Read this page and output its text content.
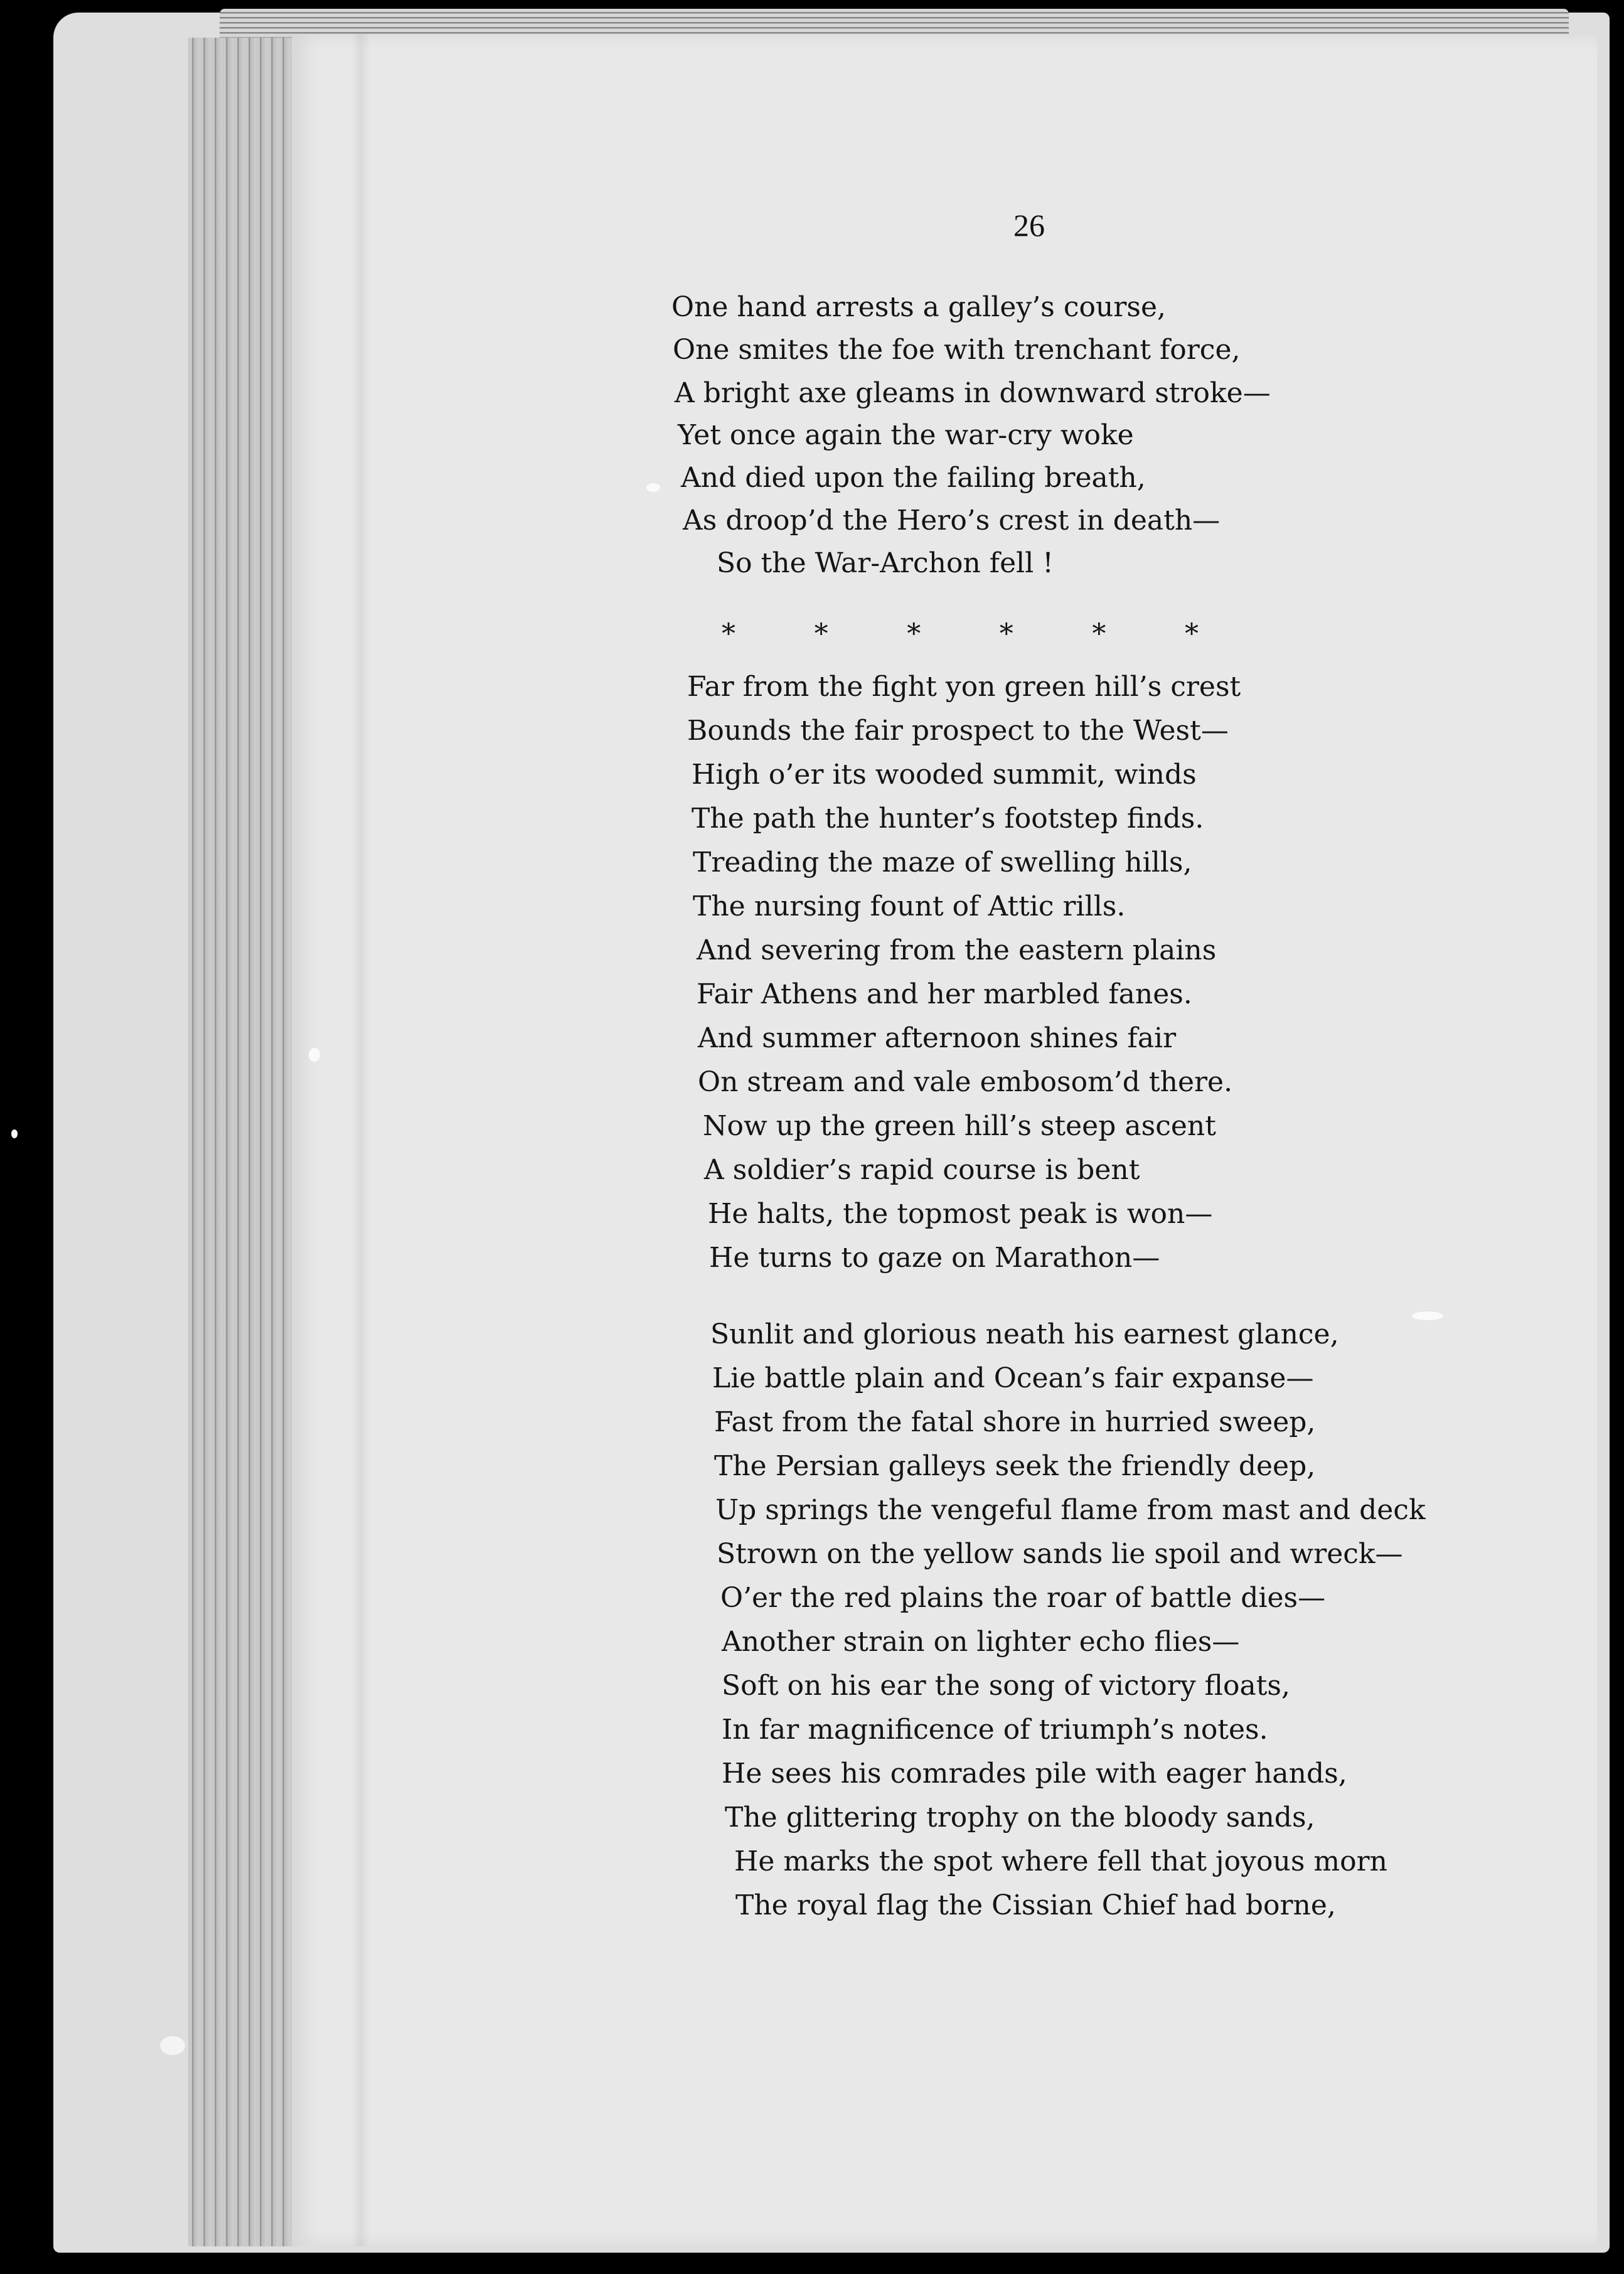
26
One hand arrests a galley’s course,
One smites the foe with trenchant force,
A bright axe gleams in downward stroke—
Yet once again the war-cry woke
And died upon the failing breath,
As droop’d the Hero’s crest in death—
So the War-Archon fell !
Far from the fight yon green hill’s crest
Bounds the fair prospect to the West—
High o’er its wooded summit, winds
The path the hunter’s footstep finds.
Treading the maze of swelling hills,
The nursing fount of Attic rills.
And severing from the eastern plains
Fair Athens and her marbled fanes.
And summer afternoon shines fair
On stream and vale embosom’d there.
Now up the green hill’s steep ascent
A soldier’s rapid course is bent
He halts, the topmost peak is won—
He turns to gaze on Marathon—
Sunlit and glorious neath his earnest glance,
Lie battle plain and Ocean’s fair expanse—
Fast from the fatal shore in hurried sweep,
The Persian galleys seek the friendly deep,
Up springs the vengeful flame from mast and deck
Strown on the yellow sands lie spoil and wreck—
O’er the red plains the roar of battle dies—
Another strain on lighter echo flies—
Soft on his ear the song of victory floats,
In far magnificence of triumph’s notes.
He sees his comrades pile with eager hands,
The glittering trophy on the bloody sands,
He marks the spot where fell that joyous morn
The royal flag the Cissian Chief had borne,
*	*	*	*	*	*
